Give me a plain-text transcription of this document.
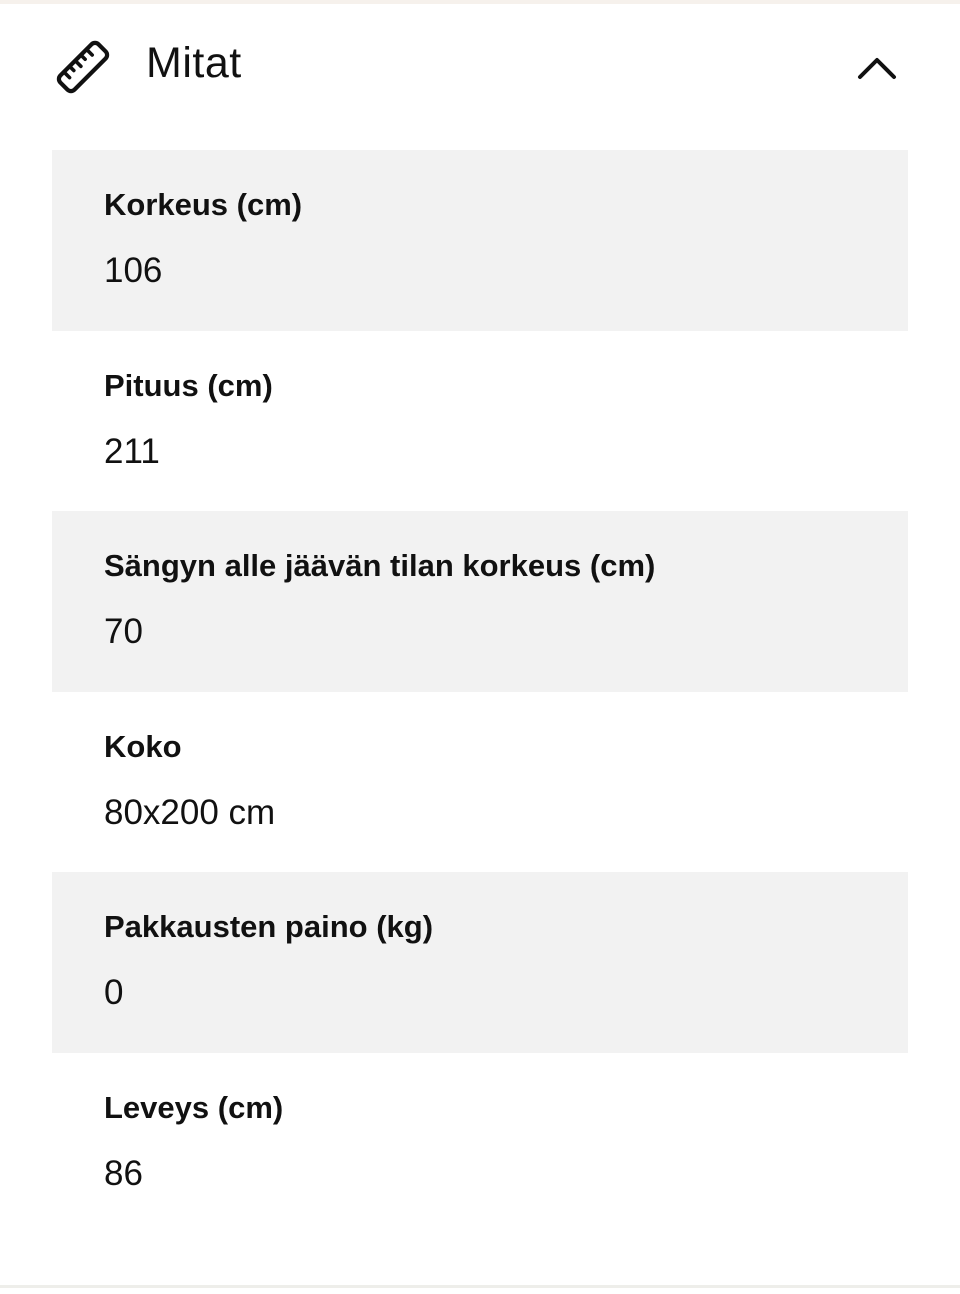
Mitat
Korkeus (cm)
106
Pituus (cm)
211
Sängyn alle jäävän tilan korkeus (cm)
70
Koko
80x200 cm
Pakkausten paino (kg)
0
Leveys (cm)
86
